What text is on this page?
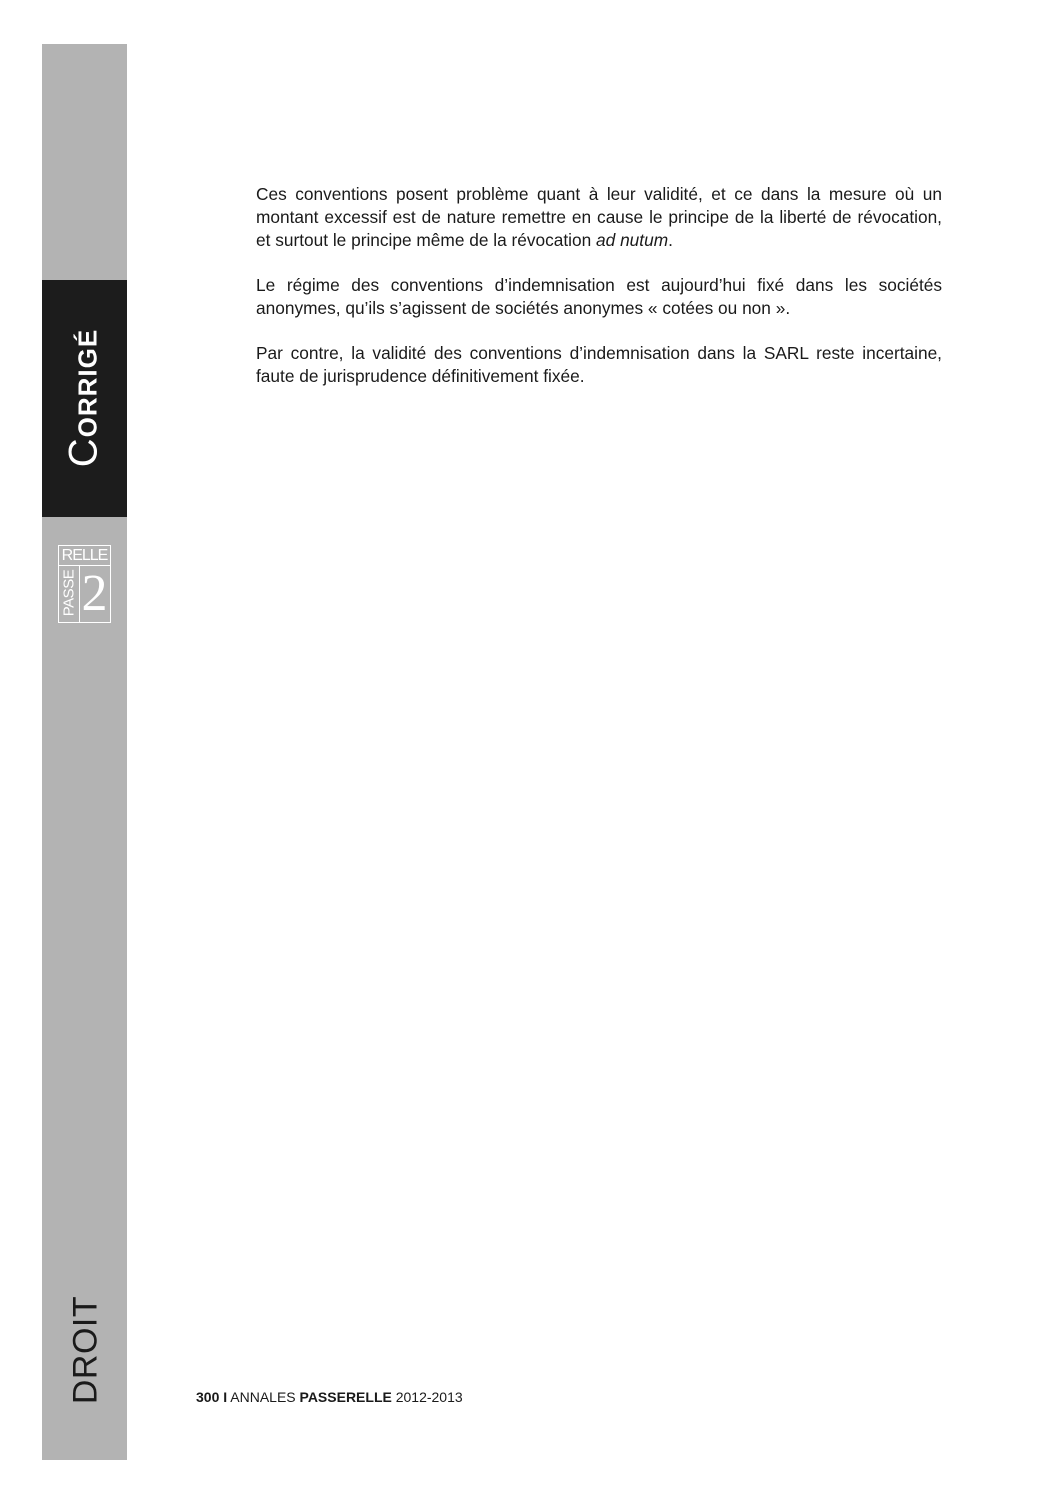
CORRIGÉ
RELLE
PASSE 2
DROIT

Ces conventions posent problème quant à leur validité, et ce dans la mesure où un montant excessif est de nature remettre en cause le principe de la liberté de révocation, et surtout le principe même de la révocation ad nutum.

Le régime des conventions d’indemnisation est aujourd’hui fixé dans les sociétés anonymes, qu’ils s’agissent de sociétés anonymes « cotées ou non ».

Par contre, la validité des conventions d’indemnisation dans la SARL reste incertaine, faute de jurisprudence définitivement fixée.

300 I ANNALES PASSERELLE 2012-2013
